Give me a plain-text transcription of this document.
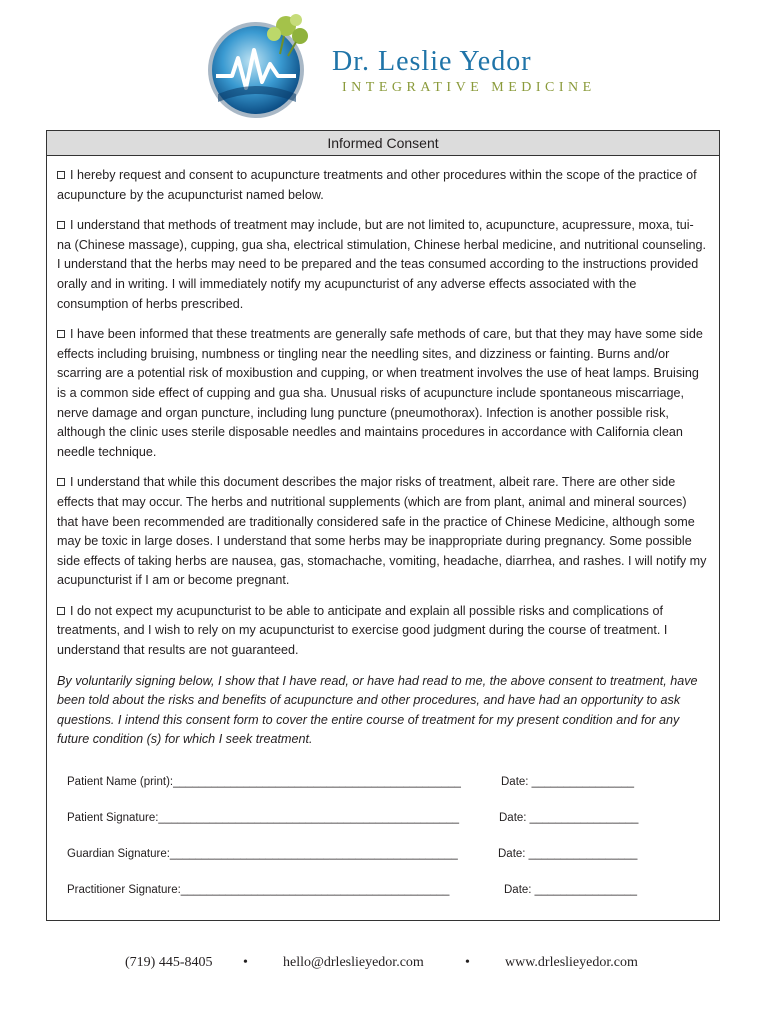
Dr. Leslie Yedor
INTEGRATIVE MEDICINE
Informed Consent

I hereby request and consent to acupuncture treatments and other procedures within the scope of the practice of acupuncture by the acupuncturist named below.

I understand that methods of treatment may include, but are not limited to, acupuncture, acupressure, moxa, tui-na (Chinese massage), cupping, gua sha, electrical stimulation, Chinese herbal medicine, and nutritional counseling. I understand that the herbs may need to be prepared and the teas consumed according to the instructions provided orally and in writing. I will immediately notify my acupuncturist of any adverse effects associated with the consumption of herbs prescribed.

I have been informed that these treatments are generally safe methods of care, but that they may have some side effects including bruising, numbness or tingling near the needling sites, and dizziness or fainting. Burns and/or scarring are a potential risk of moxibustion and cupping, or when treatment involves the use of heat lamps. Bruising is a common side effect of cupping and gua sha. Unusual risks of acupuncture include spontaneous miscarriage, nerve damage and organ puncture, including lung puncture (pneumothorax). Infection is another possible risk, although the clinic uses sterile disposable needles and maintains procedures in accordance with California clean needle technique.

I understand that while this document describes the major risks of treatment, albeit rare. There are other side effects that may occur. The herbs and nutritional supplements (which are from plant, animal and mineral sources) that have been recommended are traditionally considered safe in the practice of Chinese Medicine, although some may be toxic in large doses. I understand that some herbs may be inappropriate during pregnancy. Some possible side effects of taking herbs are nausea, gas, stomachache, vomiting, headache, diarrhea, and rashes. I will notify my acupuncturist if I am or become pregnant.

I do not expect my acupuncturist to be able to anticipate and explain all possible risks and complications of treatments, and I wish to rely on my acupuncturist to exercise good judgment during the course of treatment. I understand that results are not guaranteed.

By voluntarily signing below, I show that I have read, or have had read to me, the above consent to treatment, have been told about the risks and benefits of acupuncture and other procedures, and have had an opportunity to ask questions. I intend this consent form to cover the entire course of treatment for my present condition and for any future condition (s) for which I seek treatment.

Patient Name (print):_____________________________________________	Date: ________________
Patient Signature:_______________________________________________	Date: _________________
Guardian Signature:_____________________________________________	Date: _________________
Practitioner Signature:__________________________________________	Date: ________________
(719) 445-8405 •	hello@drleslieyedor.com	•	www.drleslieyedor.com
